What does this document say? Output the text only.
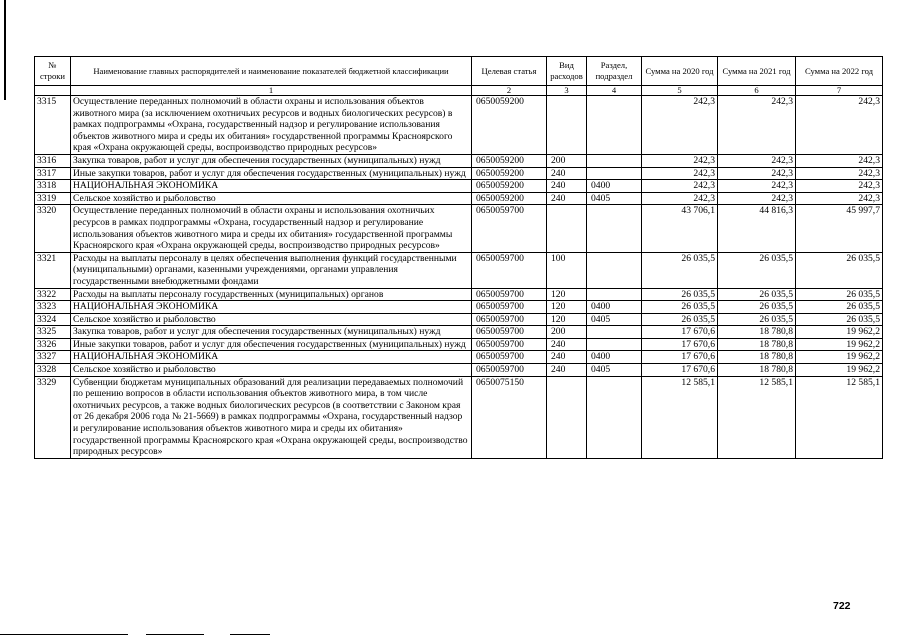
№ строки	Наименование главных распорядителей и наименование показателей бюджетной классификации	Целевая статья	Вид расходов	Раздел, подраздел	Сумма на 2020 год	Сумма на 2021 год	Сумма на 2022 год
	1	2	3	4	5	6	7
3315	Осуществление переданных полномочий в области охраны и использования объектов животного мира (за исключением охотничьих ресурсов и водных биологических ресурсов) в рамках подпрограммы «Охрана, государственный надзор и регулирование использования объектов животного мира и среды их обитания» государственной программы Красноярского края «Охрана окружающей среды, воспроизводство природных ресурсов»	0650059200			242,3	242,3	242,3
3316	Закупка товаров, работ и услуг для обеспечения государственных (муниципальных) нужд	0650059200	200		242,3	242,3	242,3
3317	Иные закупки товаров, работ и услуг для обеспечения государственных (муниципальных) нужд	0650059200	240		242,3	242,3	242,3
3318	НАЦИОНАЛЬНАЯ ЭКОНОМИКА	0650059200	240	0400	242,3	242,3	242,3
3319	Сельское хозяйство и рыболовство	0650059200	240	0405	242,3	242,3	242,3
3320	Осуществление переданных полномочий в области охраны и использования охотничьих ресурсов в рамках подпрограммы «Охрана, государственный надзор и регулирование использования объектов животного мира и среды их обитания» государственной программы Красноярского края «Охрана окружающей среды, воспроизводство природных ресурсов»	0650059700			43 706,1	44 816,3	45 997,7
3321	Расходы на выплаты персоналу в целях обеспечения выполнения функций государственными (муниципальными) органами, казенными учреждениями, органами управления государственными внебюджетными фондами	0650059700	100		26 035,5	26 035,5	26 035,5
3322	Расходы на выплаты персоналу государственных (муниципальных) органов	0650059700	120		26 035,5	26 035,5	26 035,5
3323	НАЦИОНАЛЬНАЯ ЭКОНОМИКА	0650059700	120	0400	26 035,5	26 035,5	26 035,5
3324	Сельское хозяйство и рыболовство	0650059700	120	0405	26 035,5	26 035,5	26 035,5
3325	Закупка товаров, работ и услуг для обеспечения государственных (муниципальных) нужд	0650059700	200		17 670,6	18 780,8	19 962,2
3326	Иные закупки товаров, работ и услуг для обеспечения государственных (муниципальных) нужд	0650059700	240		17 670,6	18 780,8	19 962,2
3327	НАЦИОНАЛЬНАЯ ЭКОНОМИКА	0650059700	240	0400	17 670,6	18 780,8	19 962,2
3328	Сельское хозяйство и рыболовство	0650059700	240	0405	17 670,6	18 780,8	19 962,2
3329	Субвенции бюджетам муниципальных образований для реализации передаваемых полномочий по решению вопросов в области использования объектов животного мира, в том числе охотничьих ресурсов, а также водных биологических ресурсов (в соответствии с Законом края от 26 декабря 2006 года № 21-5669) в рамках подпрограммы «Охрана, государственный надзор и регулирование использования объектов животного мира и среды их обитания» государственной программы Красноярского края «Охрана окружающей среды, воспроизводство природных ресурсов»	0650075150			12 585,1	12 585,1	12 585,1
722
